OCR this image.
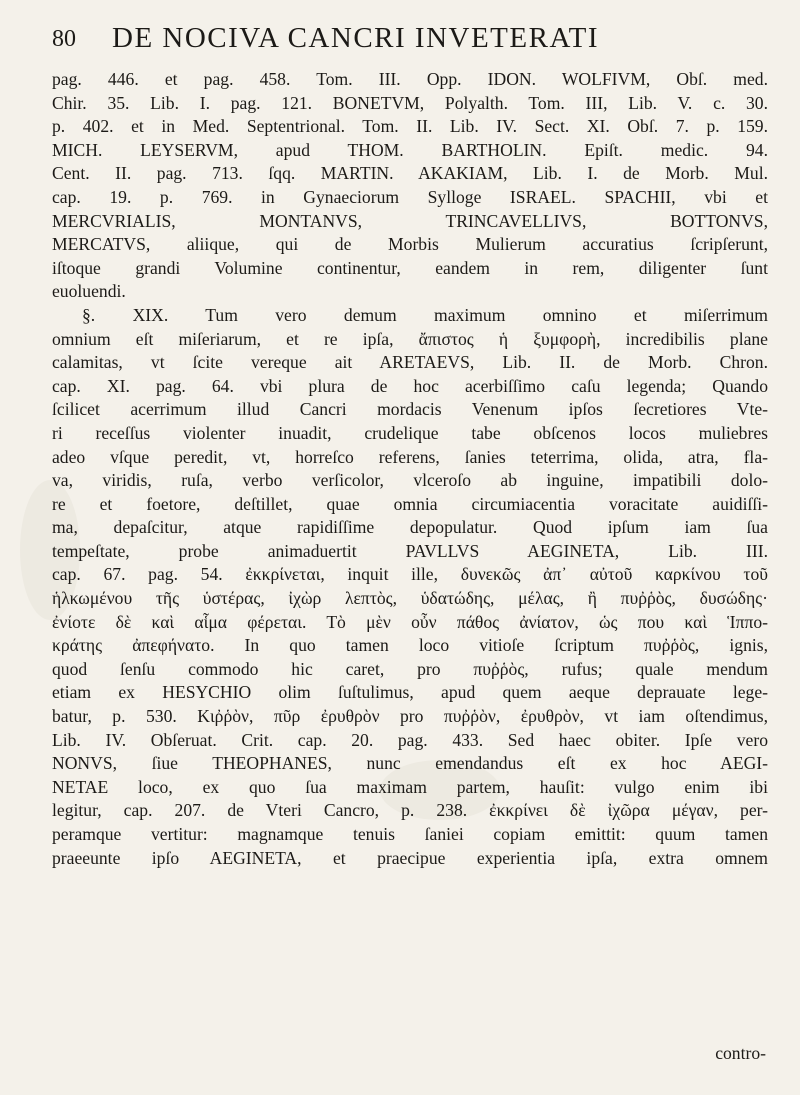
80 DE NOCIVA CANCRI INVETERATI
pag. 446. et pag. 458. Tom. III. Opp. IDON. WOLFIVM, Obſ. med.
Chir. 35. Lib. I. pag. 121. BONETVM, Polyalth. Tom. III, Lib. V. c. 30.
p. 402. et in Med. Septentrional. Tom. II. Lib. IV. Sect. XI. Obſ. 7. p. 159.
MICH. LEYSERVM, apud THOM. BARTHOLIN. Epiſt. medic. 94.
Cent. II. pag. 713. ſqq. MARTIN. AKAKIAM, Lib. I. de Morb. Mul.
cap. 19. p. 769. in Gynaeciorum Sylloge ISRAEL. SPACHII, vbi et
MERCVRIALIS, MONTANVS, TRINCAVELLIVS, BOTTONVS,
MERCATVS, aliique, qui de Morbis Mulierum accuratius ſcripſerunt,
iſtoque grandi Volumine continentur, eandem in rem, diligenter ſunt
euoluendi.
§. XIX. Tum vero demum maximum omnino et miſerrimum
omnium eſt miſeriarum, et re ipſa, ἄπιστος ἡ ξυμφορὴ, incredibilis plane
calamitas, vt ſcite vereque ait ARETAEVS, Lib. II. de Morb. Chron.
cap. XI. pag. 64. vbi plura de hoc acerbiſſimo caſu legenda; Quando
ſcilicet acerrimum illud Cancri mordacis Venenum ipſos ſecretiores Vte-
ri receſſus violenter inuadit, crudelique tabe obſcenos locos muliebres
adeo vſque peredit, vt, horreſco referens, ſanies teterrima, olida, atra, fla-
va, viridis, ruſa, verbo verſicolor, vlceroſo ab inguine, impatibili dolo-
re et foetore, deſtillet, quae omnia circumiacentia voracitate auidiſſi-
ma, depaſcitur, atque rapidiſſime depopulatur. Quod ipſum iam ſua
tempeſtate, probe animaduertit PAVLLVS AEGINETA, Lib. III.
cap. 67. pag. 54. ἐκκρίνεται, inquit ille, δυνεκῶς ἀπ᾽ αὐτοῦ καρκίνου τοῦ
ἡλκωμένου τῆς ὑστέρας, ἰχὼρ λεπτὸς, ὑδατώδης, μέλας, ἢ πυῤῥὸς, δυσώδης·
ἐνίοτε δὲ καὶ αἷμα φέρεται. Τὸ μὲν οὖν πάθος ἀνίατον, ὡς που καὶ Ἱππο-
κράτης ἀπεφήνατο. In quo tamen loco vitioſe ſcriptum πυῤῥὸς, ignis,
quod ſenſu commodo hic caret, pro πυῤῥὸς, rufus; quale mendum
etiam ex HESYCHIO olim ſuſtulimus, apud quem aeque deprauate lege-
batur, p. 530. Κιῤῥὸν, πῦρ ἐρυθρὸν pro πυῤῥὸν, ἐρυθρὸν, vt iam oſtendimus,
Lib. IV. Obſeruat. Crit. cap. 20. pag. 433. Sed haec obiter. Ipſe vero
NONVS, ſiue THEOPHANES, nunc emendandus eſt ex hoc AEGI-
NETAE loco, ex quo ſua maximam partem, hauſit: vulgo enim ibi
legitur, cap. 207. de Vteri Cancro, p. 238. ἐκκρίνει δὲ ἰχῶρα μέγαν, per-
peramque vertitur: magnamque tenuis ſaniei copiam emittit: quum tamen
praeeunte ipſo AEGINETA, et praecipue experientia ipſa, extra omnem
contro-
